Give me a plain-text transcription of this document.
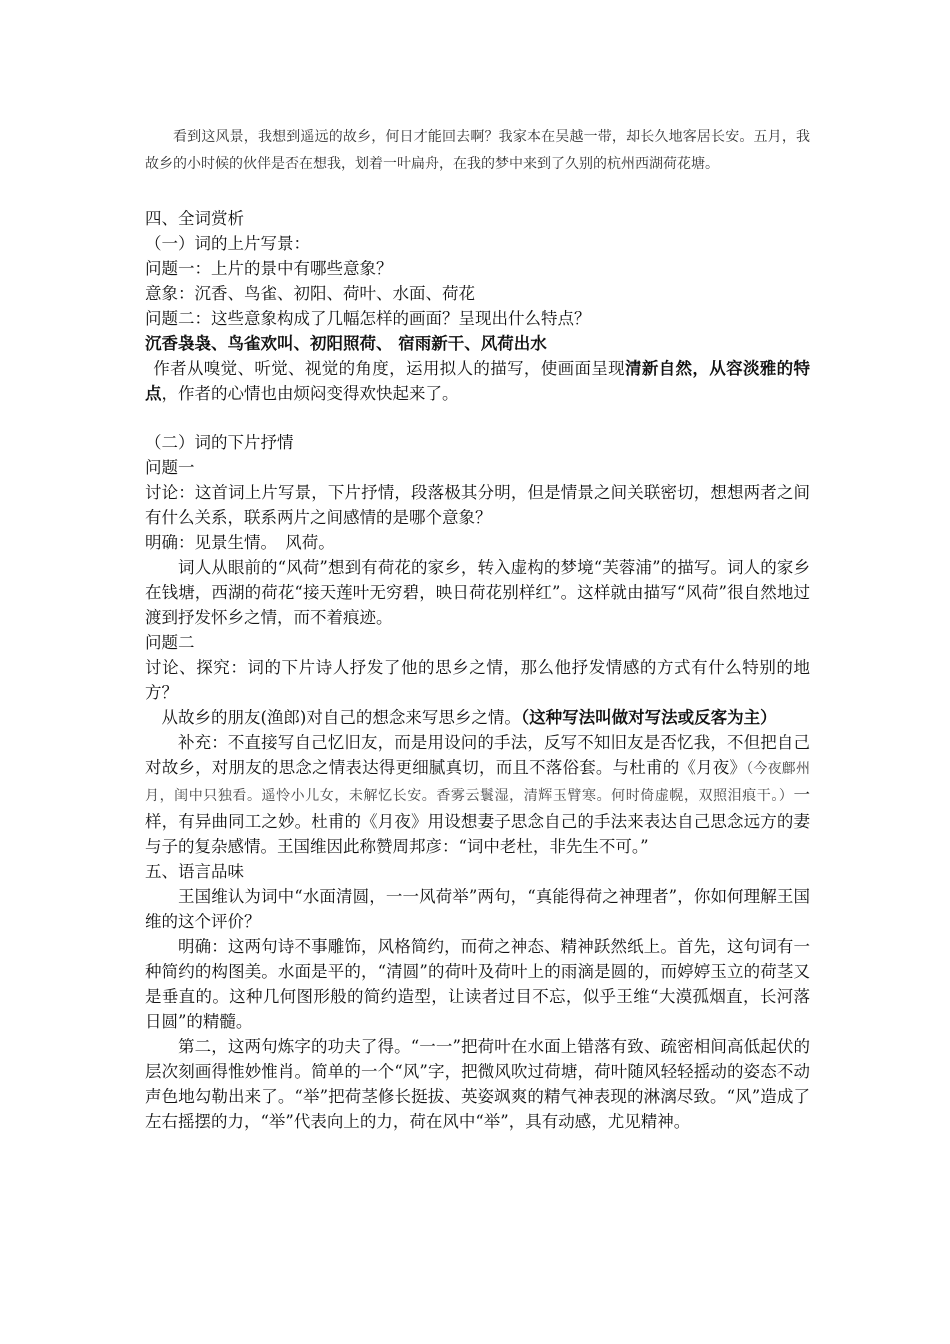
看到这风景，我想到遥远的故乡，何日才能回去啊？我家本在吴越一带，却长久地客居长安。五月，我故乡的小时候的伙伴是否在想我，划着一叶扁舟，在我的梦中来到了久别的杭州西湖荷花塘。

四、全词赏析

（一）词的上片写景：

问题一：上片的景中有哪些意象？

意象：沉香、鸟雀、初阳、荷叶、水面、荷花

问题二：这些意象构成了几幅怎样的画面？呈现出什么特点？

沉香袅袅、鸟雀欢叫、初阳照荷、 宿雨新干、风荷出水

作者从嗅觉、听觉、视觉的角度，运用拟人的描写，使画面呈现清新自然，从容淡雅的特点，作者的心情也由烦闷变得欢快起来了。

（二）词的下片抒情

问题一

讨论：这首词上片写景，下片抒情，段落极其分明，但是情景之间关联密切，想想两者之间有什么关系，联系两片之间感情的是哪个意象？

明确：见景生情。　风荷。

词人从眼前的“风荷”想到有荷花的家乡，转入虚构的梦境“芙蓉浦”的描写。词人的家乡在钱塘，西湖的荷花“接天莲叶无穷碧，映日荷花别样红”。这样就由描写“风荷”很自然地过渡到抒发怀乡之情，而不着痕迹。

问题二

讨论、探究：词的下片诗人抒发了他的思乡之情，那么他抒发情感的方式有什么特别的地方？

从故乡的朋友(渔郎)对自己的想念来写思乡之情。（这种写法叫做对写法或反客为主）

补充：不直接写自己忆旧友，而是用设问的手法，反写不知旧友是否忆我，不但把自己对故乡，对朋友的思念之情表达得更细腻真切，而且不落俗套。与杜甫的《月夜》（今夜鄜州月，闺中只独看。遥怜小儿女，未解忆长安。香雾云鬟湿，清辉玉臂寒。何时倚虚幌，双照泪痕干。）一样，有异曲同工之妙。杜甫的《月夜》用设想妻子思念自己的手法来表达自己思念远方的妻与子的复杂感情。王国维因此称赞周邦彦：“词中老杜，非先生不可。”

五、语言品味

王国维认为词中“水面清圆，一一风荷举”两句，“真能得荷之神理者”，你如何理解王国维的这个评价？

明确：这两句诗不事雕饰，风格简约，而荷之神态、精神跃然纸上。首先，这句词有一种简约的构图美。水面是平的，“清圆”的荷叶及荷叶上的雨滴是圆的，而婷婷玉立的荷茎又是垂直的。这种几何图形般的简约造型，让读者过目不忘，似乎王维“大漠孤烟直，长河落日圆”的精髓。

第二，这两句炼字的功夫了得。“一一”把荷叶在水面上错落有致、疏密相间高低起伏的层次刻画得惟妙惟肖。简单的一个“风”字，把微风吹过荷塘，荷叶随风轻轻摇动的姿态不动声色地勾勒出来了。“举”把荷茎修长挺拔、英姿飒爽的精气神表现的淋漓尽致。“风”造成了左右摇摆的力，“举”代表向上的力，荷在风中“举”，具有动感，尤见精神。
